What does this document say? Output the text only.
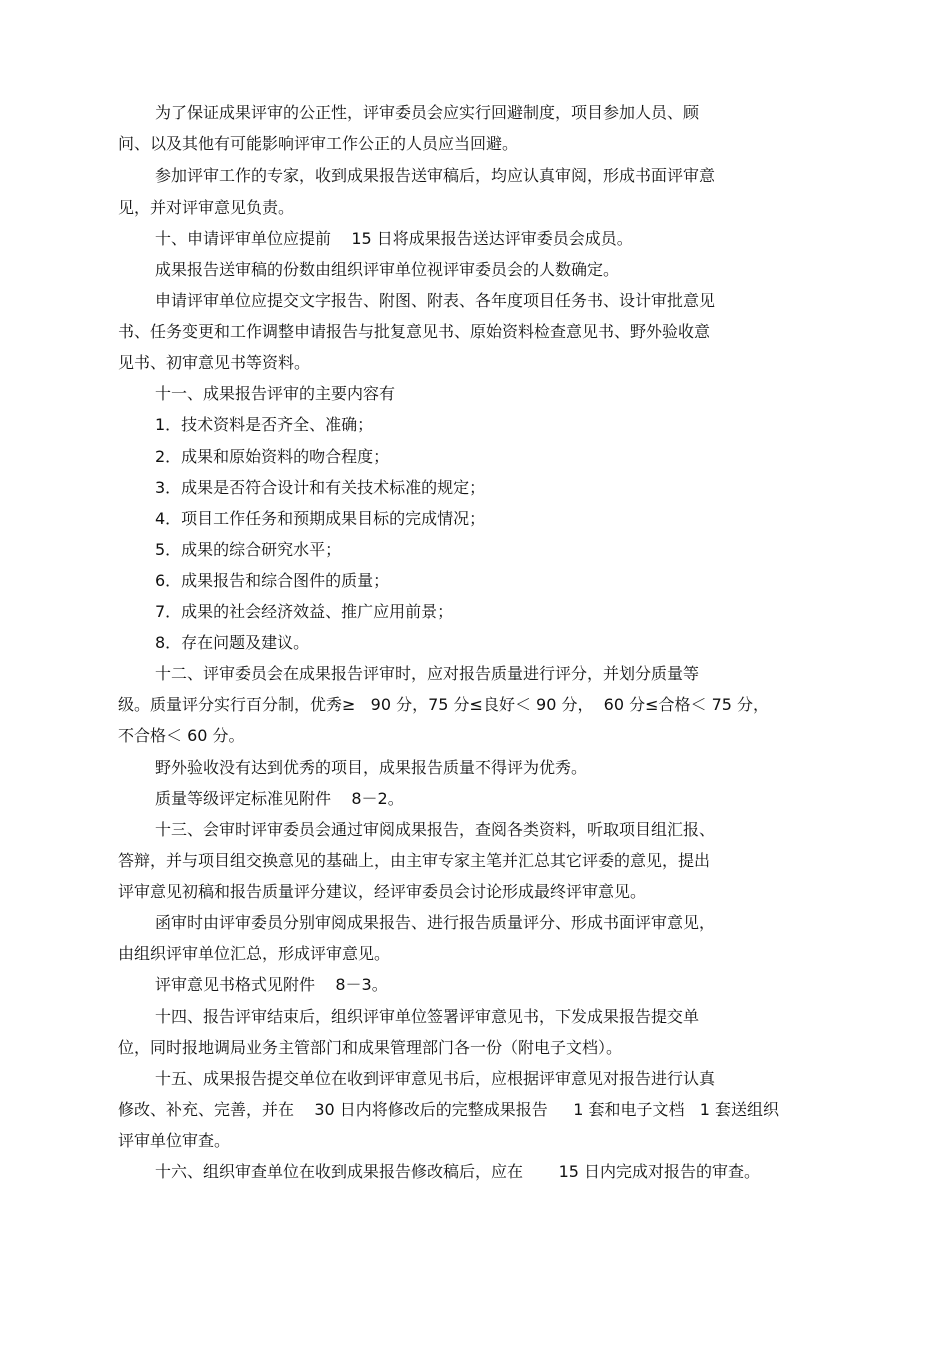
为了保证成果评审的公正性，评审委员会应实行回避制度，项目参加人员、顾
问、以及其他有可能影响评审工作公正的人员应当回避。
参加评审工作的专家，收到成果报告送审稿后，均应认真审阅，形成书面评审意
见，并对评审意见负责。
十、申请评审单位应提前    15 日将成果报告送达评审委员会成员。
成果报告送审稿的份数由组织评审单位视评审委员会的人数确定。
申请评审单位应提交文字报告、附图、附表、各年度项目任务书、设计审批意见
书、任务变更和工作调整申请报告与批复意见书、原始资料检查意见书、野外验收意
见书、初审意见书等资料。
十一、成果报告评审的主要内容有
1．技术资料是否齐全、准确；
2．成果和原始资料的吻合程度；
3．成果是否符合设计和有关技术标准的规定；
4．项目工作任务和预期成果目标的完成情况；
5．成果的综合研究水平；
6．成果报告和综合图件的质量；
7．成果的社会经济效益、推广应用前景；
8．存在问题及建议。
十二、评审委员会在成果报告评审时，应对报告质量进行评分，并划分质量等
级。质量评分实行百分制，优秀≥   90 分，75 分≤良好＜ 90 分，  60 分≤合格＜ 75 分，
不合格＜ 60 分。
野外验收没有达到优秀的项目，成果报告质量不得评为优秀。
质量等级评定标准见附件    8－2。
十三、会审时评审委员会通过审阅成果报告，查阅各类资料，听取项目组汇报、
答辩，并与项目组交换意见的基础上，由主审专家主笔并汇总其它评委的意见，提出
评审意见初稿和报告质量评分建议，经评审委员会讨论形成最终评审意见。
函审时由评审委员分别审阅成果报告、进行报告质量评分、形成书面评审意见，
由组织评审单位汇总，形成评审意见。
评审意见书格式见附件    8－3。
十四、报告评审结束后，组织评审单位签署评审意见书，下发成果报告提交单
位，同时报地调局业务主管部门和成果管理部门各一份（附电子文档）。
十五、成果报告提交单位在收到评审意见书后，应根据评审意见对报告进行认真
修改、补充、完善，并在    30 日内将修改后的完整成果报告     1 套和电子文档   1 套送组织
评审单位审查。
十六、组织审查单位在收到成果报告修改稿后，应在       15 日内完成对报告的审查。
